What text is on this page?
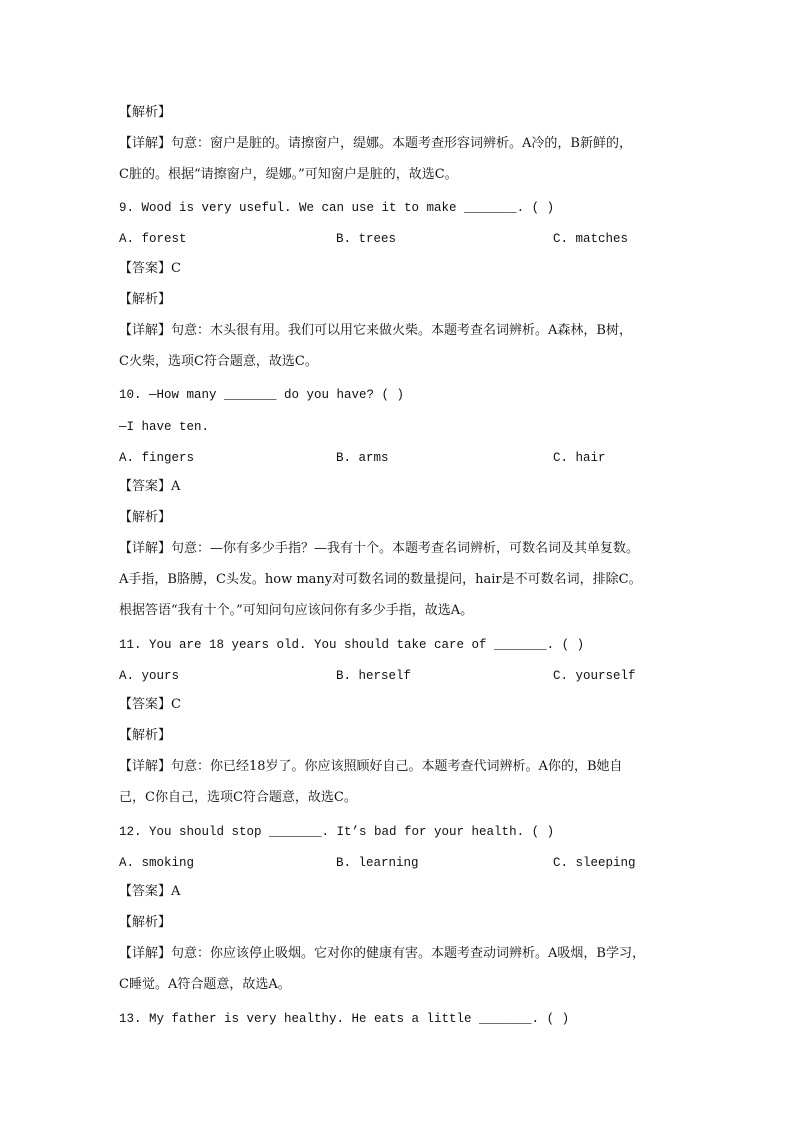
【解析】
【详解】句意：窗户是脏的。请擦窗户，缇娜。本题考查形容词辨析。A冷的，B新鲜的，
C脏的。根据“请擦窗户，缇娜。”可知窗户是脏的，故选C。
9. Wood is very useful. We can use it to make _______. ( )
A. forest	B. trees	C. matches
【答案】C
【解析】
【详解】句意：木头很有用。我们可以用它来做火柴。本题考查名词辨析。A森林，B树，
C火柴，选项C符合题意，故选C。
10. —How many _______ do you have? ( )
—I have ten.
A. fingers	B. arms	C. hair
【答案】A
【解析】
【详解】句意：—你有多少手指？—我有十个。本题考查名词辨析，可数名词及其单复数。
A手指，B胳膊，C头发。how many对可数名词的数量提问，hair是不可数名词，排除C。
根据答语“我有十个。”可知问句应该问你有多少手指，故选A。
11. You are 18 years old. You should take care of _______. ( )
A. yours	B. herself	C. yourself
【答案】C
【解析】
【详解】句意：你已经18岁了。你应该照顾好自己。本题考查代词辨析。A你的，B她自
己，C你自己，选项C符合题意，故选C。
12. You should stop _______. It’s bad for your health. ( )
A. smoking	B. learning	C. sleeping
【答案】A
【解析】
【详解】句意：你应该停止吸烟。它对你的健康有害。本题考查动词辨析。A吸烟，B学习，
C睡觉。A符合题意，故选A。
13. My father is very healthy. He eats a little _______. ( )
